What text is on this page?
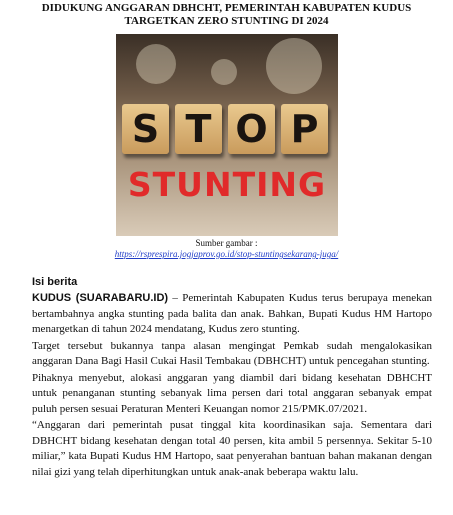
DIDUKUNG ANGGARAN DBHCHT, PEMERINTAH KABUPATEN KUDUS
TARGETKAN ZERO STUNTING DI 2024
S T O P
STUNTING
Sumber gambar :
https://rsprespira.jogjaprov.go.id/stop-stuntingsekarang-juga/
Isi berita

KUDUS (SUARABARU.ID) – Pemerintah Kabupaten Kudus terus berupaya menekan bertambahnya angka stunting pada balita dan anak. Bahkan, Bupati Kudus HM Hartopo menargetkan di tahun 2024 mendatang, Kudus zero stunting.

Target tersebut bukannya tanpa alasan mengingat Pemkab sudah mengalokasikan anggaran Dana Bagi Hasil Cukai Hasil Tembakau (DBHCHT) untuk pencegahan stunting.

Pihaknya menyebut, alokasi anggaran yang diambil dari bidang kesehatan DBHCHT untuk penanganan stunting sebanyak lima persen dari total anggaran sebanyak empat puluh persen sesuai Peraturan Menteri Keuangan nomor 215/PMK.07/2021.

“Anggaran dari pemerintah pusat tinggal kita koordinasikan saja. Sementara dari DBHCHT bidang kesehatan dengan total 40 persen, kita ambil 5 persennya. Sekitar 5-10 miliar,” kata Bupati Kudus HM Hartopo, saat penyerahan bantuan bahan makanan dengan nilai gizi yang telah diperhitungkan untuk anak-anak beberapa waktu lalu.
